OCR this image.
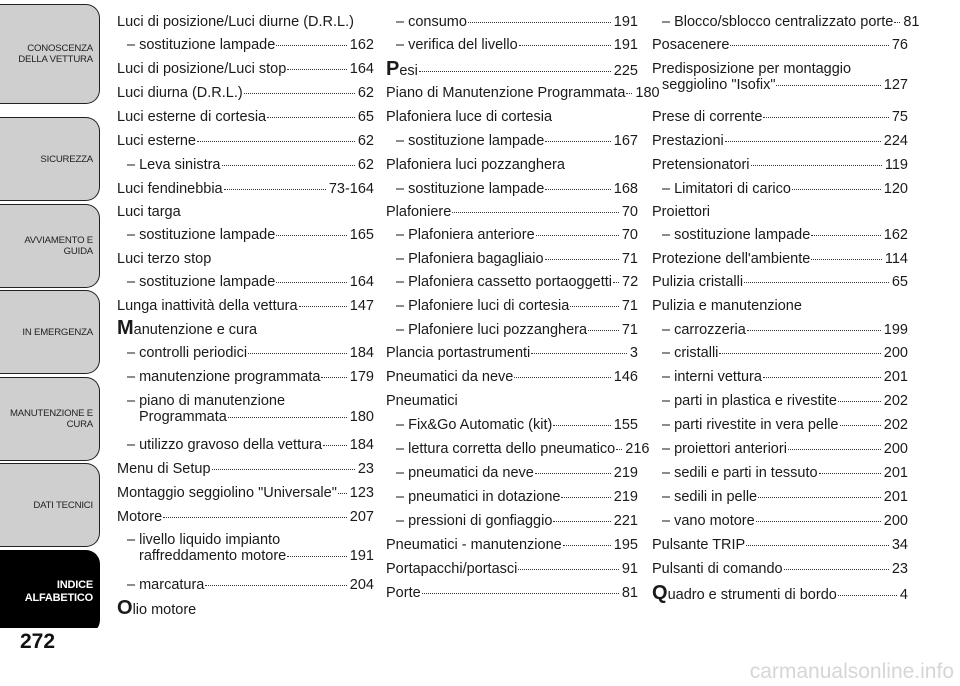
CONOSCENZA
DELLA VETTURA
SICUREZZA
AVVIAMENTO E
GUIDA
IN EMERGENZA
MANUTENZIONE E
CURA
DATI TECNICI
INDICE
ALFABETICO
272
Luci di posizione/Luci diurne (D.R.L.)
– sostituzione lampade	162
Luci di posizione/Luci stop	164
Luci diurna (D.R.L.)	62
Luci esterne di cortesia	65
Luci esterne	62
– Leva sinistra	62
Luci fendinebbia	73-164
Luci targa
– sostituzione lampade	165
Luci terzo stop
– sostituzione lampade	164
Lunga inattività della vettura	147
Manutenzione e cura
– controlli periodici	184
– manutenzione programmata 179
– piano di manutenzione
Programmata	180
– utilizzo gravoso della vettura 184
Menu di Setup	23
Montaggio seggiolino "Universale" 123
Motore	207
– livello liquido impianto
raffreddamento motore	191
– marcatura	204
Olio motore
– consumo	191
– verifica del livello	191
Pesi	225
Piano di Manutenzione Programmata 180
Plafoniera luce di cortesia
– sostituzione lampade	167
Plafoniera luci pozzanghera
– sostituzione lampade	168
Plafoniere	70
– Plafoniera anteriore	70
– Plafoniera bagagliaio	71
– Plafoniera cassetto portaoggetti 72
– Plafoniere luci di cortesia	71
– Plafoniere luci pozzanghera 71
Plancia portastrumenti	3
Pneumatici da neve	146
Pneumatici
– Fix&Go Automatic (kit)	155
– lettura corretta dello pneumatico 216
– pneumatici da neve	219
– pneumatici in dotazione	219
– pressioni di gonfiaggio	221
Pneumatici - manutenzione	195
Portapacchi/portasci	91
Porte	81
– Blocco/sblocco centralizzato porte 81
Posacenere	76
Predisposizione per montaggio
seggiolino "Isofix"	127
Prese di corrente	75
Prestazioni	224
Pretensionatori	119
– Limitatori di carico	120
Proiettori
– sostituzione lampade	162
Protezione dell'ambiente	114
Pulizia cristalli	65
Pulizia e manutenzione
– carrozzeria	199
– cristalli	200
– interni vettura	201
– parti in plastica e rivestite	202
– parti rivestite in vera pelle	202
– proiettori anteriori	200
– sedili e parti in tessuto	201
– sedili in pelle	201
– vano motore	200
Pulsante TRIP	34
Pulsanti di comando	23
Quadro e strumenti di bordo	4
carmanualsonline.info
